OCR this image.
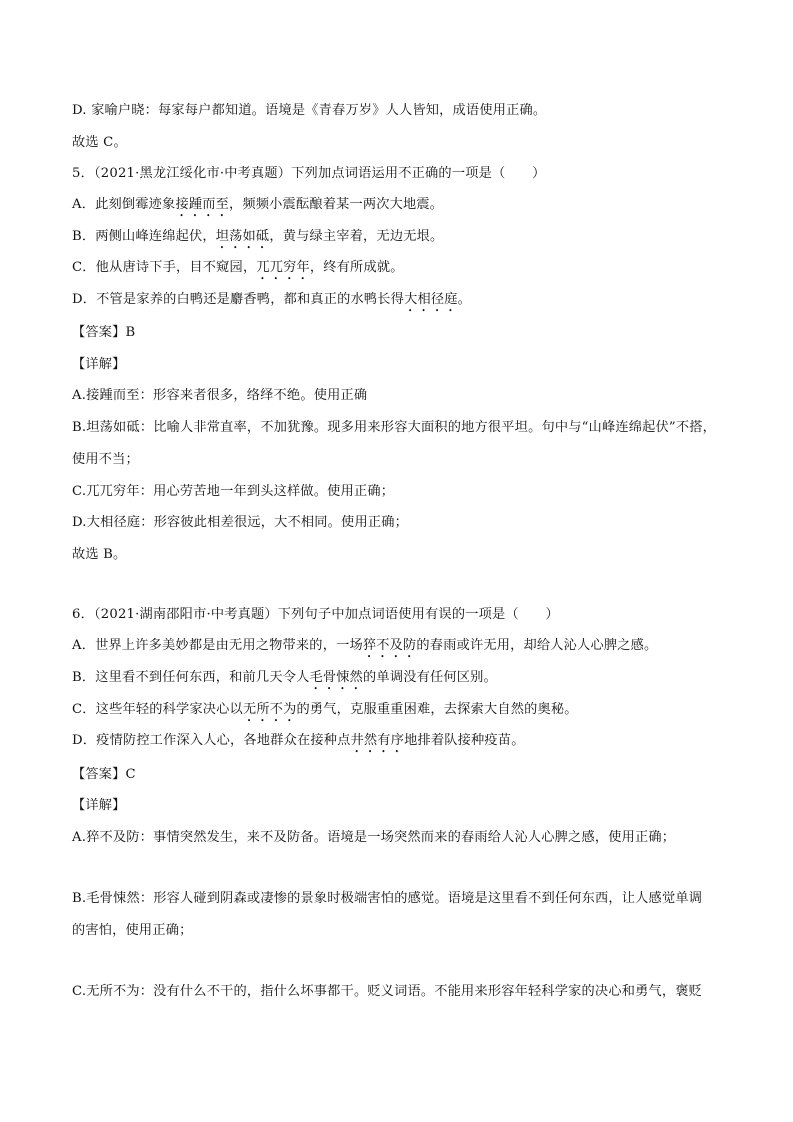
D. 家喻户晓：每家每户都知道。语境是《青春万岁》人人皆知，成语使用正确。
故选 C。
5．（2021·黑龙江绥化市·中考真题）下列加点词语运用不正确的一项是（　　）
A．此刻倒霉迹象接踵而至，频频小震酝酿着某一两次大地震。
B．两侧山峰连绵起伏，坦荡如砥，黄与绿主宰着，无边无垠。
C．他从唐诗下手，目不窥园，兀兀穷年，终有所成就。
D．不管是家养的白鸭还是麝香鸭，都和真正的水鸭长得大相径庭。
【答案】B
【详解】
A.接踵而至：形容来者很多，络绎不绝。使用正确
B.坦荡如砥：比喻人非常直率，不加犹豫。现多用来形容大面积的地方很平坦。句中与“山峰连绵起伏”不搭，
使用不当；
C.兀兀穷年：用心劳苦地一年到头这样做。使用正确；
D.大相径庭：形容彼此相差很远，大不相同。使用正确；
故选 B。
6．（2021·湖南邵阳市·中考真题）下列句子中加点词语使用有误的一项是（　　）
A．世界上许多美妙都是由无用之物带来的，一场猝不及防的春雨或许无用，却给人沁人心脾之感。
B．这里看不到任何东西，和前几天令人毛骨悚然的单调没有任何区别。
C．这些年轻的科学家决心以无所不为的勇气，克服重重困难，去探索大自然的奥秘。
D．疫情防控工作深入人心，各地群众在接种点井然有序地排着队接种疫苗。
【答案】C
【详解】
A.猝不及防：事情突然发生，来不及防备。语境是一场突然而来的春雨给人沁人心脾之感，使用正确；
B.毛骨悚然：形容人碰到阴森或凄惨的景象时极端害怕的感觉。语境是这里看不到任何东西，让人感觉单调
的害怕，使用正确；
C.无所不为：没有什么不干的，指什么坏事都干。贬义词语。不能用来形容年轻科学家的决心和勇气，褒贬
